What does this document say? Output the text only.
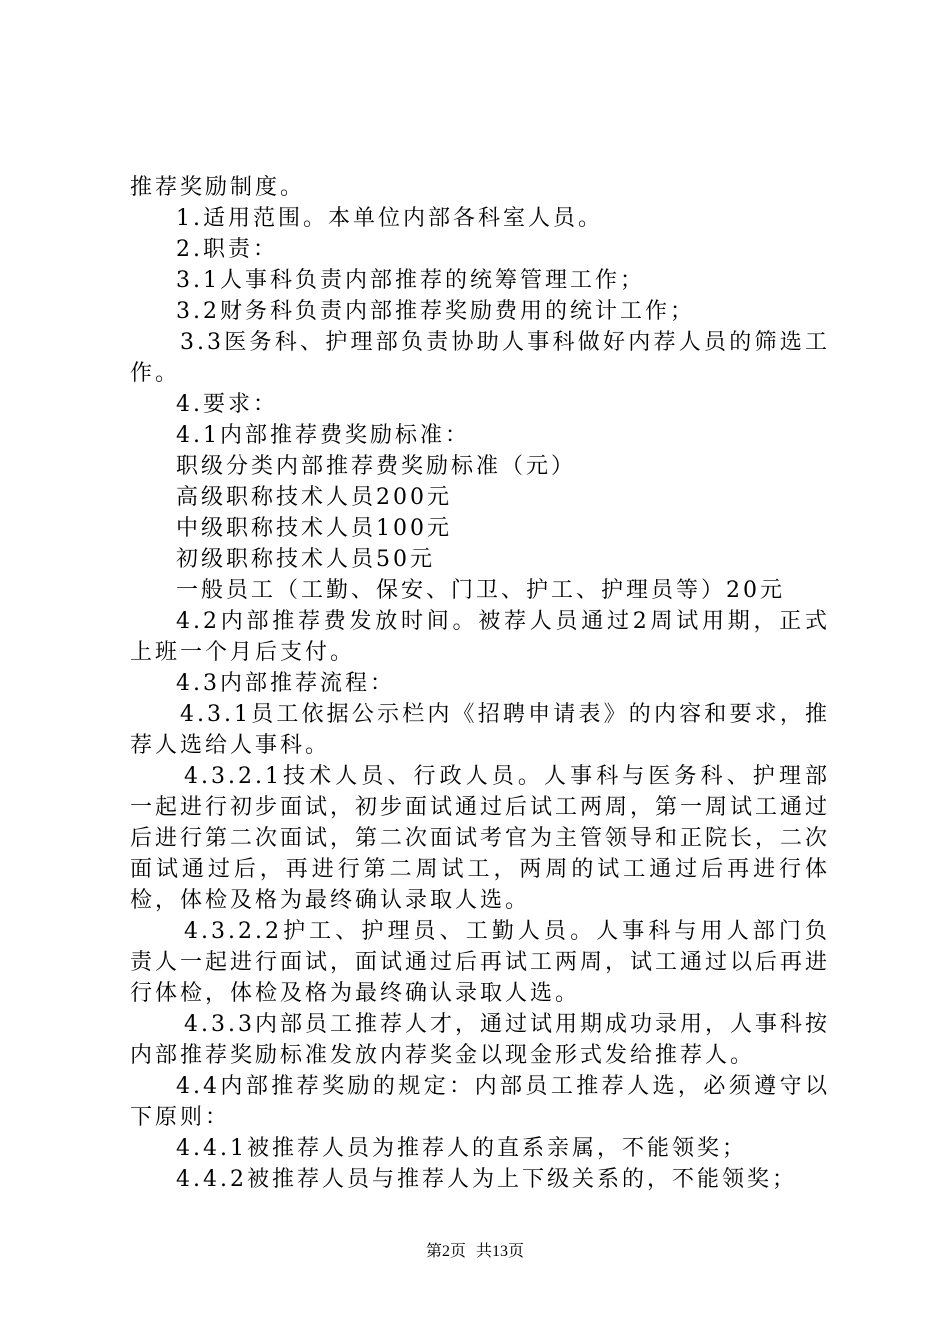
推荐奖励制度。

1.适用范围。本单位内部各科室人员。

2.职责：

3.1人事科负责内部推荐的统筹管理工作；

3.2财务科负责内部推荐奖励费用的统计工作；

3.3医务科、护理部负责协助人事科做好内荐人员的筛选工作。

4.要求：

4.1内部推荐费奖励标准：

职级分类内部推荐费奖励标准（元）

高级职称技术人员200元

中级职称技术人员100元

初级职称技术人员50元

一般员工（工勤、保安、门卫、护工、护理员等）20元

4.2内部推荐费发放时间。被荐人员通过2周试用期，正式上班一个月后支付。

4.3内部推荐流程：

4.3.1员工依据公示栏内《招聘申请表》的内容和要求，推荐人选给人事科。

4.3.2.1技术人员、行政人员。人事科与医务科、护理部一起进行初步面试，初步面试通过后试工两周，第一周试工通过后进行第二次面试，第二次面试考官为主管领导和正院长，二次面试通过后，再进行第二周试工，两周的试工通过后再进行体检，体检及格为最终确认录取人选。

4.3.2.2护工、护理员、工勤人员。人事科与用人部门负责人一起进行面试，面试通过后再试工两周，试工通过以后再进行体检，体检及格为最终确认录取人选。

4.3.3内部员工推荐人才，通过试用期成功录用，人事科按内部推荐奖励标准发放内荐奖金以现金形式发给推荐人。

4.4内部推荐奖励的规定：内部员工推荐人选，必须遵守以下原则：

4.4.1被推荐人员为推荐人的直系亲属，不能领奖；

4.4.2被推荐人员与推荐人为上下级关系的，不能领奖；

第2页 共13页
